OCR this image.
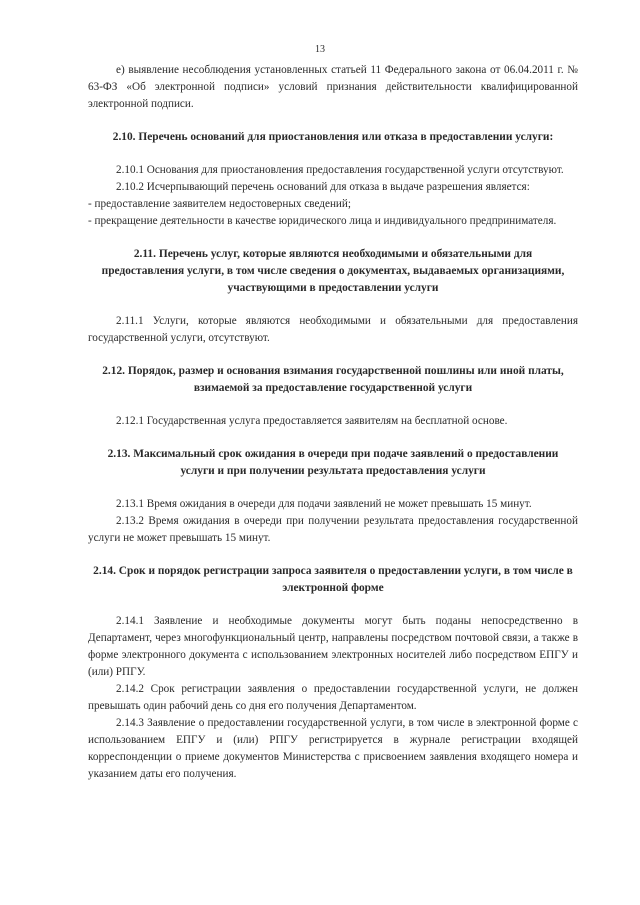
13

е) выявление несоблюдения установленных статьей 11 Федерального закона от 06.04.2011 г. № 63-ФЗ «Об электронной подписи» условий признания действительности квалифицированной электронной подписи.

2.10. Перечень оснований для приостановления или отказа в предоставлении услуги:

2.10.1 Основания для приостановления предоставления государственной услуги отсутствуют.

2.10.2 Исчерпывающий перечень оснований для отказа в выдаче разрешения является:

- предоставление заявителем недостоверных сведений;

- прекращение деятельности в качестве юридического лица и индивидуального предпринимателя.

2.11. Перечень услуг, которые являются необходимыми и обязательными для предоставления услуги, в том числе сведения о документах, выдаваемых организациями, участвующими в предоставлении услуги

2.11.1 Услуги, которые являются необходимыми и обязательными для предоставления государственной услуги, отсутствуют.

2.12. Порядок, размер и основания взимания государственной пошлины или иной платы, взимаемой за предоставление государственной услуги

2.12.1 Государственная услуга предоставляется заявителям на бесплатной основе.

2.13. Максимальный срок ожидания в очереди при подаче заявлений о предоставлении услуги и при получении результата предоставления услуги

2.13.1 Время ожидания в очереди для подачи заявлений не может превышать 15 минут.

2.13.2 Время ожидания в очереди при получении результата предоставления государственной услуги не может превышать 15 минут.

2.14. Срок и порядок регистрации запроса заявителя о предоставлении услуги, в том числе в электронной форме

2.14.1 Заявление и необходимые документы могут быть поданы непосредственно в Департамент, через многофункциональный центр, направлены посредством почтовой связи, а также в форме электронного документа с использованием электронных носителей либо посредством ЕПГУ и (или) РПГУ.

2.14.2 Срок регистрации заявления о предоставлении государственной услуги, не должен превышать один рабочий день со дня его получения Департаментом.

2.14.3 Заявление о предоставлении государственной услуги, в том числе в электронной форме с использованием ЕПГУ и (или) РПГУ регистрируется в журнале регистрации входящей корреспонденции о приеме документов Министерства с присвоением заявления входящего номера и указанием даты его получения.
